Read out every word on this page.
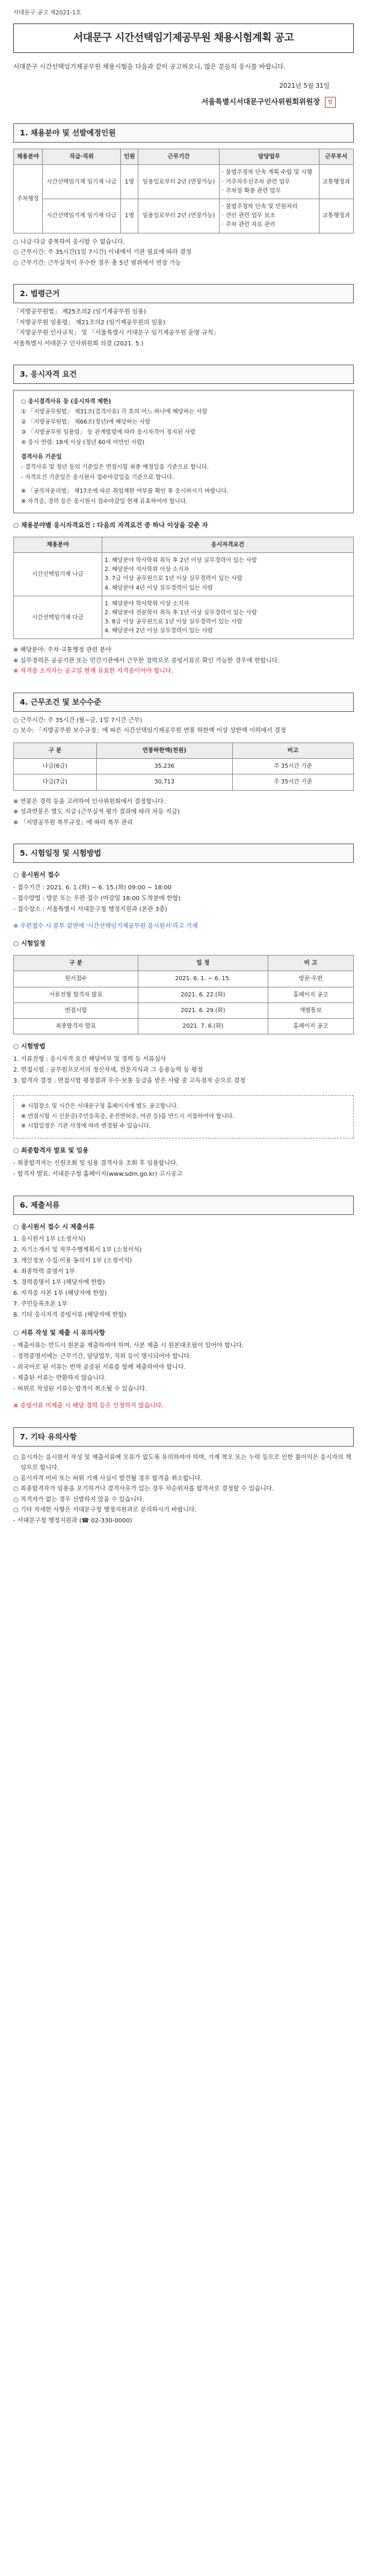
서대문구 공고 제2021-1호
서대문구 시간선택임기제공무원 채용시험계획 공고

서대문구 시간선택임기제공무원 채용시험을 다음과 같이 공고하오니, 많은 분들의 응시를 바랍니다.

2021년 5월 31일
서울특별시서대문구인사위원회위원장 인
1. 채용분야 및 선발예정인원
채용분야	직급·직위	인원	근무기간	담당업무	근무부서
주차행정	시간선택임기제 임기제 나급	1명	임용일로부터 2년 (연장가능)	· 불법주정차 단속 계획 수립 및 시행
· 거주자우선주차 관련 업무
· 주차장 확충 관련 업무	교통행정과
	시간선택임기제 임기제 다급	1명	임용일로부터 2년 (연장가능)	· 불법주정차 단속 및 민원처리
· 견인 관련 업무 보조
· 주차 관련 자료 관리	교통행정과
○ 나급·다급 중복하여 응시할 수 없습니다.
○ 근무시간: 주 35시간(1일 7시간) 이내에서 기관 필요에 따라 결정
○ 근무기간: 근무실적이 우수한 경우 총 5년 범위에서 연장 가능
2. 법령근거
「지방공무원법」 제25조의2 (임기제공무원 임용)
「지방공무원 임용령」 제21조의2 (임기제공무원의 임용)
「지방공무원 인사규칙」 및 「서울특별시 서대문구 임기제공무원 운영 규칙」
서울특별시 서대문구 인사위원회 의결 (2021. 5.)
3. 응시자격 요건
○ 응시결격사유 등 (응시자격 제한)
① 「지방공무원법」 제31조(결격사유) 각 호의 어느 하나에 해당하는 사람
② 「지방공무원법」 제66조(정년)에 해당하는 사람
③ 「지방공무원 임용령」 등 관계법령에 따라 응시자격이 정지된 사람
④ 응시 연령: 18세 이상 (정년 60세 미만인 사람)
결격사유 기준일
- 결격사유 및 정년 등의 기준일은 면접시험 최종 예정일을 기준으로 합니다.
- 자격요건 기준일은 응시원서 접수마감일을 기준으로 합니다.
※ 「공직자윤리법」 제17조에 따른 취업제한 여부를 확인 후 응시하시기 바랍니다.
※ 자격증, 경력 등은 응시원서 접수마감일 현재 유효하여야 합니다.
○ 채용분야별 응시자격요건 : 다음의 자격요건 중 하나 이상을 갖춘 자
채용분야	응시자격요건
시간선택임기제 나급	1. 해당분야 학사학위 취득 후 2년 이상 실무경력이 있는 사람
2. 해당분야 석사학위 이상 소지자
3. 7급 이상 공무원으로 1년 이상 실무경력이 있는 사람
4. 해당분야 4년 이상 실무경력이 있는 사람
시간선택임기제 다급	1. 해당분야 학사학위 이상 소지자
2. 해당분야 전문학사 취득 후 1년 이상 실무경력이 있는 사람
3. 8급 이상 공무원으로 1년 이상 실무경력이 있는 사람
4. 해당분야 2년 이상 실무경력이 있는 사람
※ 해당분야: 주차·교통행정 관련 분야
※ 실무경력은 공공기관 또는 민간기관에서 근무한 경력으로 증빙서류로 확인 가능한 경우에 한합니다.
※ 자격증 소지자는 공고일 현재 유효한 자격증이어야 합니다.
4. 근무조건 및 보수수준
○ 근무시간: 주 35시간 (월~금, 1일 7시간 근무)
○ 보수: 「지방공무원 보수규정」에 따른 시간선택임기제공무원 연봉 하한액 이상 상한액 이하에서 결정
구 분	연봉하한액(천원)	비고
나급(6급)	35,236	주 35시간 기준
다급(7급)	30,713	주 35시간 기준
※ 연봉은 경력 등을 고려하여 인사위원회에서 결정합니다.
※ 성과연봉은 별도 지급 (근무실적 평가 결과에 따라 차등 지급)
※ 「지방공무원 복무규정」에 따라 복무 관리
5. 시험일정 및 시험방법
○ 응시원서 접수
- 접수기간 : 2021. 6. 1.(화) ~ 6. 15.(화) 09:00 ~ 18:00
- 접수방법 : 방문 또는 우편 접수 (마감일 18:00 도착분에 한함)
- 접수장소 : 서울특별시 서대문구청 행정지원과 (본관 3층)
※ 우편접수 시 봉투 겉면에 '시간선택임기제공무원 응시원서'라고 기재
○ 시험일정
구 분	일 정	비 고
원서접수	2021. 6. 1. ~ 6. 15.	방문·우편
서류전형 합격자 발표	2021. 6. 22.(화)	홈페이지 공고
면접시험	2021. 6. 29.(화)	개별통보
최종합격자 발표	2021. 7. 6.(화)	홈페이지 공고
○ 시험방법
1. 서류전형 : 응시자격 요건 해당여부 및 경력 등 서류심사
2. 면접시험 : 공무원으로서의 정신자세, 전문지식과 그 응용능력 등 평정
3. 합격자 결정 : 면접시험 평정결과 우수·보통 등급을 받은 사람 중 고득점자 순으로 결정
※ 시험장소 및 시간은 서대문구청 홈페이지에 별도 공고합니다.
※ 면접시험 시 신분증(주민등록증, 운전면허증, 여권 등)을 반드시 지참하여야 합니다.
※ 시험일정은 기관 사정에 따라 변경될 수 있습니다.
○ 최종합격자 발표 및 임용
- 최종합격자는 신원조회 및 임용 결격사유 조회 후 임용합니다.
- 합격자 발표: 서대문구청 홈페이지(www.sdm.go.kr) 고시공고
6. 제출서류
○ 응시원서 접수 시 제출서류
1. 응시원서 1부 (소정서식)
2. 자기소개서 및 직무수행계획서 1부 (소정서식)
3. 개인정보 수집·이용 동의서 1부 (소정서식)
4. 최종학력 증명서 1부
5. 경력증명서 1부 (해당자에 한함)
6. 자격증 사본 1부 (해당자에 한함)
7. 주민등록초본 1부
8. 기타 응시자격 증빙서류 (해당자에 한함)
○ 서류 작성 및 제출 시 유의사항
- 제출서류는 반드시 원본을 제출하여야 하며, 사본 제출 시 원본대조필이 있어야 합니다.
- 경력증명서에는 근무기간, 담당업무, 직위 등이 명시되어야 합니다.
- 외국어로 된 서류는 번역 공증된 서류를 함께 제출하여야 합니다.
- 제출된 서류는 반환하지 않습니다.
- 허위로 작성된 서류는 합격이 취소될 수 있습니다.
※ 증빙서류 미제출 시 해당 경력 등은 인정하지 않습니다.
7. 기타 유의사항
○ 응시자는 응시원서 작성 및 제출서류에 오류가 없도록 유의하여야 하며, 기재 착오 또는 누락 등으로 인한 불이익은 응시자의 책임으로 합니다.
○ 응시자격 미비 또는 허위 기재 사실이 발견될 경우 합격을 취소합니다.
○ 최종합격자가 임용을 포기하거나 결격사유가 있는 경우 차순위자를 합격자로 결정할 수 있습니다.
○ 적격자가 없는 경우 선발하지 않을 수 있습니다.
○ 기타 자세한 사항은 서대문구청 행정지원과로 문의하시기 바랍니다.
- 서대문구청 행정지원과 (☎ 02-330-0000)
